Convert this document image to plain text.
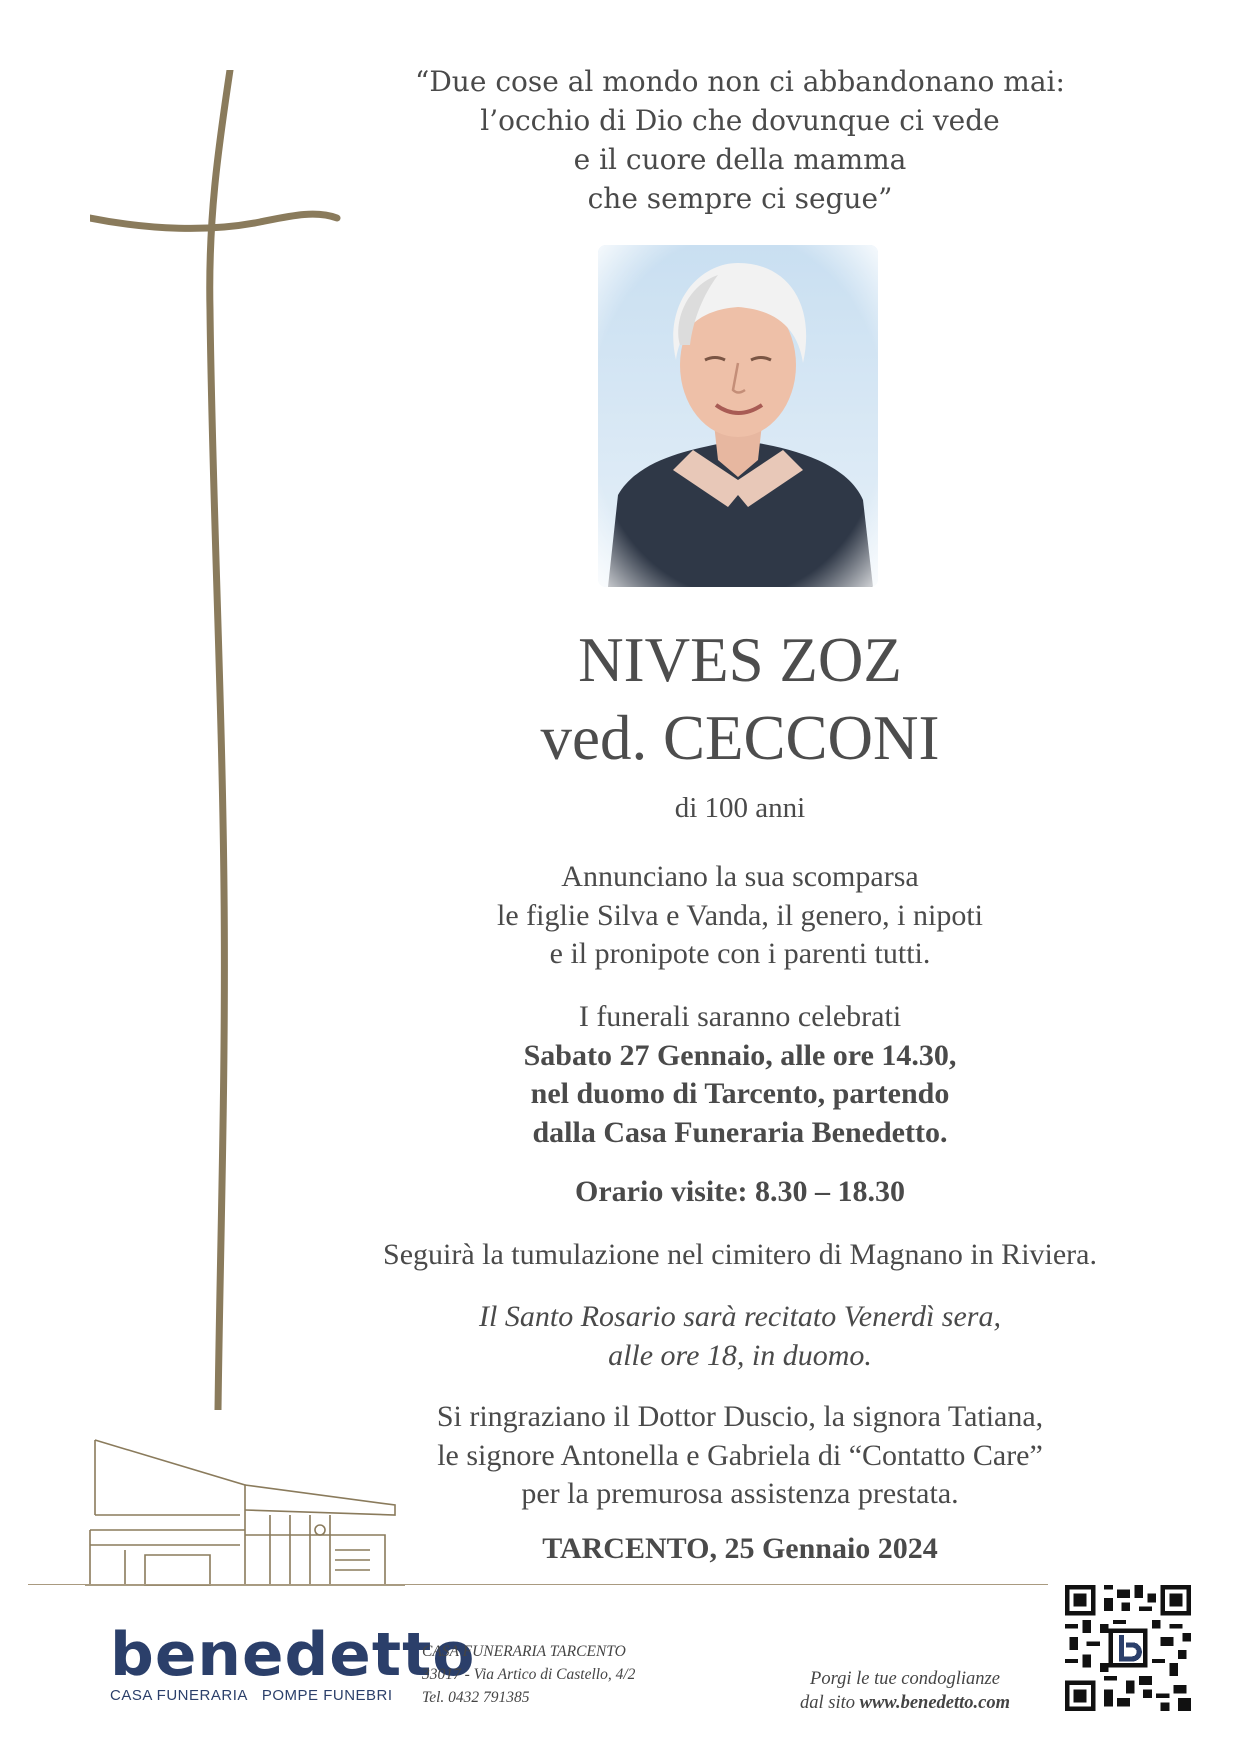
“Due cose al mondo non ci abbandonano mai:
l’occhio di Dio che dovunque ci vede
e il cuore della mamma
che sempre ci segue”
NIVES ZOZ
ved. CECCONI
di 100 anni
Annunciano la sua scomparsa
le figlie Silva e Vanda, il genero, i nipoti
e il pronipote con i parenti tutti.
I funerali saranno celebrati
Sabato 27 Gennaio, alle ore 14.30,
nel duomo di Tarcento, partendo
dalla Casa Funeraria Benedetto.
Orario visite: 8.30 – 18.30
Seguirà la tumulazione nel cimitero di Magnano in Riviera.
Il Santo Rosario sarà recitato Venerdì sera,
alle ore 18, in duomo.
Si ringraziano il Dottor Duscio, la signora Tatiana,
le signore Antonella e Gabriela di “Contatto Care”
per la premurosa assistenza prestata.
TARCENTO, 25 Gennaio 2024
benedetto
CASA FUNERARIA POMPE FUNEBRI
CASA FUNERARIA TARCENTO
33017 - Via Artico di Castello, 4/2
Tel. 0432 791385
Porgi le tue condoglianze
dal sito www.benedetto.com
